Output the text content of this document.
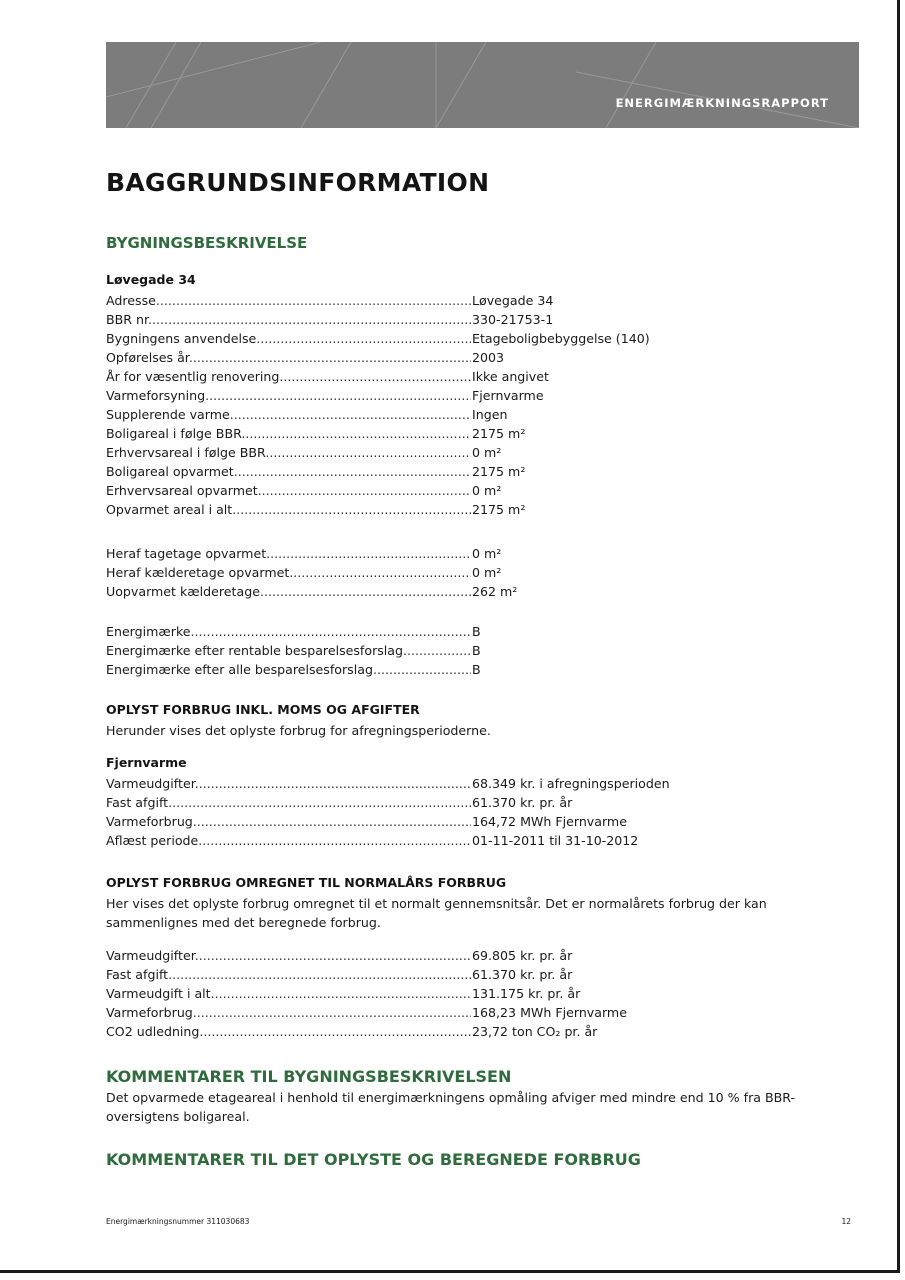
ENERGIMÆRKNINGSRAPPORT
BAGGRUNDSINFORMATION
BYGNINGSBESKRIVELSE
Løvegade 34
Adresse .....	Løvegade 34
BBR nr .....	330-21753-1
Bygningens anvendelse .....	Etageboligbebyggelse (140)
Opførelses år .....	2003
År for væsentlig renovering .....	Ikke angivet
Varmeforsyning .....	Fjernvarme
Supplerende varme .....	Ingen
Boligareal i følge BBR .....	2175 m²
Erhvervsareal i følge BBR .....	0 m²
Boligareal opvarmet .....	2175 m²
Erhvervsareal opvarmet .....	0 m²
Opvarmet areal i alt .....	2175 m²
Heraf tagetage opvarmet .....	0 m²
Heraf kælderetage opvarmet .....	0 m²
Uopvarmet kælderetage .....	262 m²
Energimærke .....	B
Energimærke efter rentable besparelsesforslag .....	B
Energimærke efter alle besparelsesforslag .....	B
OPLYST FORBRUG INKL. MOMS OG AFGIFTER

Herunder vises det oplyste forbrug for afregningsperioderne.

Fjernvarme
Varmeudgifter .....	68.349 kr. i afregningsperioden
Fast afgift .....	61.370 kr. pr. år
Varmeforbrug .....	164,72 MWh Fjernvarme
Aflæst periode .....	01-11-2011 til 31-10-2012
OPLYST FORBRUG OMREGNET TIL NORMALÅRS FORBRUG

Her vises det oplyste forbrug omregnet til et normalt gennemsnitsår. Det er normalårets forbrug der kan sammenlignes med det beregnede forbrug.

Varmeudgifter .....	69.805 kr. pr. år
Fast afgift .....	61.370 kr. pr. år
Varmeudgift i alt .....	131.175 kr. pr. år
Varmeforbrug .....	168,23 MWh Fjernvarme
CO2 udledning .....	23,72 ton CO₂ pr. år
KOMMENTARER TIL BYGNINGSBESKRIVELSEN

Det opvarmede etageareal i henhold til energimærkningens opmåling afviger med mindre end 10 % fra BBR-oversigtens boligareal.

KOMMENTARER TIL DET OPLYSTE OG BEREGNEDE FORBRUG
Energimærkningsnummer 311030683	12
